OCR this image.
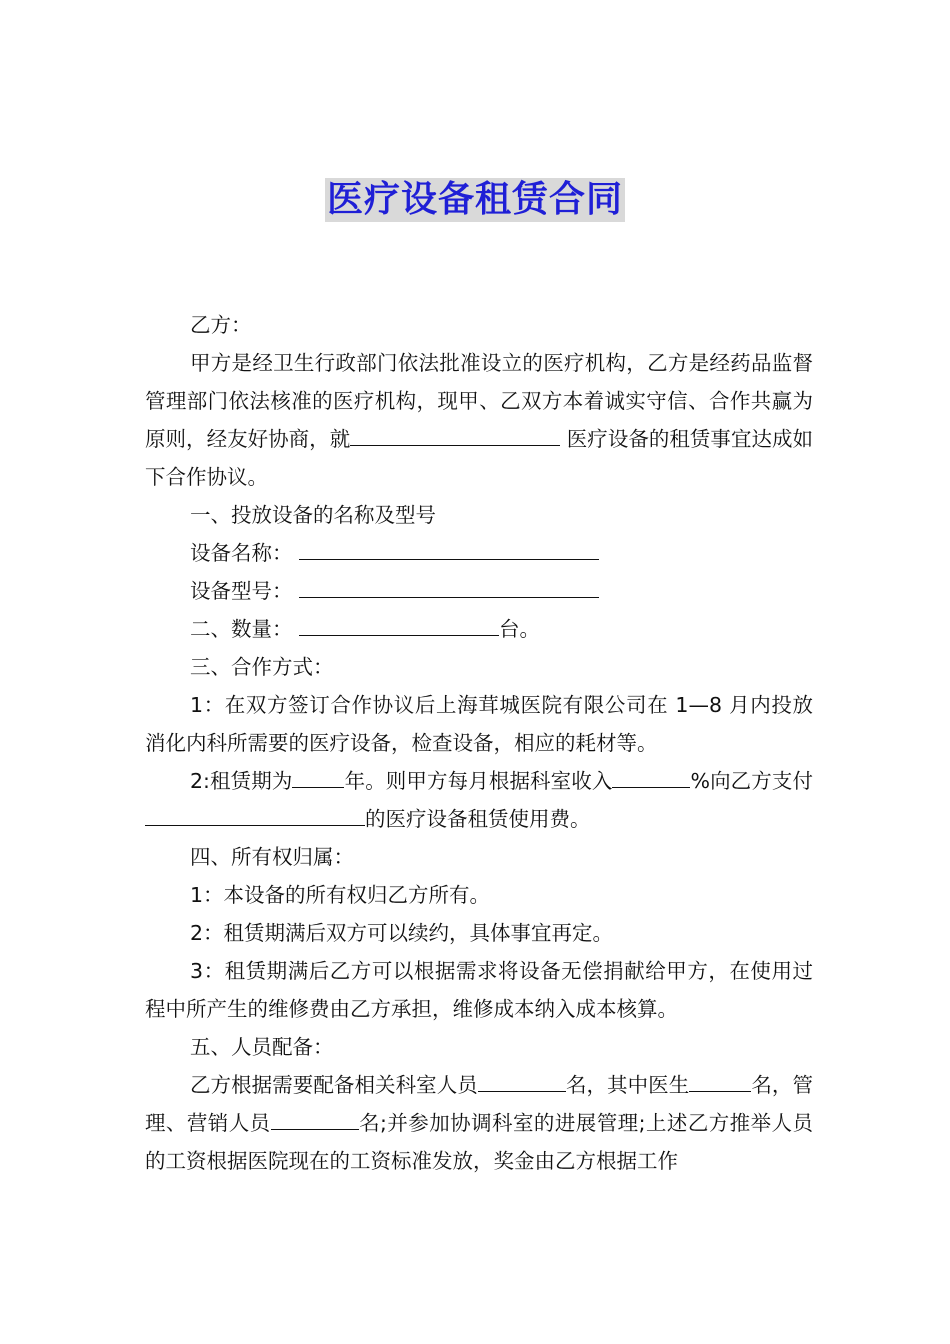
医疗设备租赁合同

乙方：

甲方是经卫生行政部门依法批准设立的医疗机构，乙方是经药品监督管理部门依法核准的医疗机构，现甲、乙双方本着诚实守信、合作共赢为原则，经友好协商，就	医疗设备的租赁事宜达成如下合作协议。

一、投放设备的名称及型号

设备名称：

设备型号：

二、数量：	台。

三、合作方式：

1：在双方签订合作协议后上海茸城医院有限公司在 1—8 月内投放消化内科所需要的医疗设备，检查设备，相应的耗材等。

2:租赁期为	年。则甲方每月根据科室收入	%向乙方支付的医疗设备租赁使用费。

四、所有权归属：

1：本设备的所有权归乙方所有。

2：租赁期满后双方可以续约，具体事宜再定。

3：租赁期满后乙方可以根据需求将设备无偿捐献给甲方，在使用过程中所产生的维修费由乙方承担，维修成本纳入成本核算。

五、人员配备：

乙方根据需要配备相关科室人员	名，其中医生	名，管理、营销人员	名;并参加协调科室的进展管理;上述乙方推举人员的工资根据医院现在的工资标准发放，奖金由乙方根据工作
